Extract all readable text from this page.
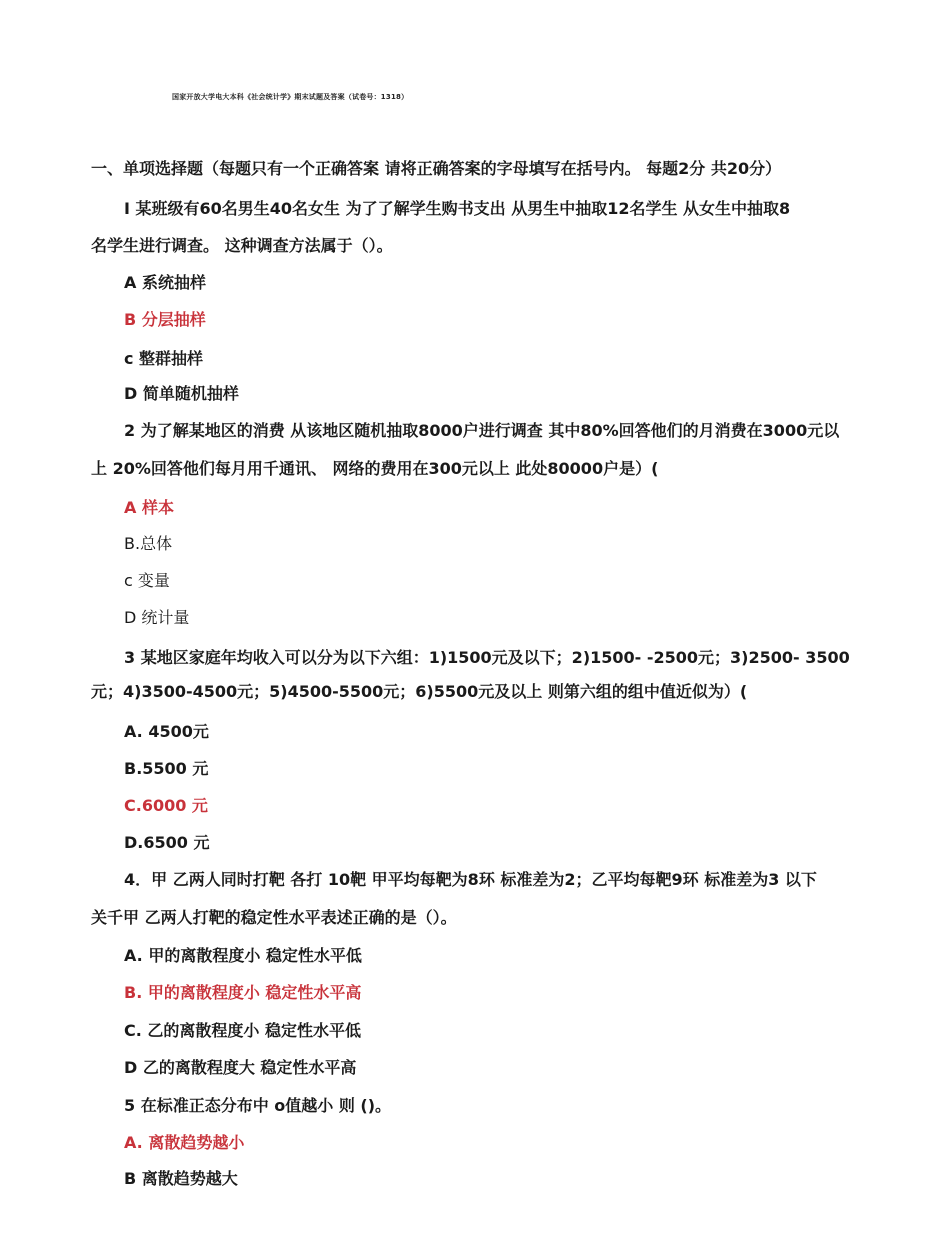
国家开放大学电大本科《社会统计学》期末试题及答案（试卷号：1318）
一、单项选择题（每题只有一个正确答案 请将正确答案的字母填写在括号内。 每题2分 共20分）
I 某班级有60名男生40名女生 为了了解学生购书支出 从男生中抽取12名学生 从女生中抽取8
名学生进行调查。 这种调查方法属于（）。
A 系统抽样
B 分层抽样
c 整群抽样
D 简单随机抽样
2 为了解某地区的消费 从该地区随机抽取8000户进行调查 其中80%回答他们的月消费在3000元以
上 20%回答他们每月用千通讯、 网络的费用在300元以上 此处80000户是）(
A 样本
B.总体
c 变量
D 统计量
3 某地区家庭年均收入可以分为以下六组：1)1500元及以下；2)1500- -2500元；3)2500- 3500
元；4)3500-4500元；5)4500-5500元；6)5500元及以上 则第六组的组中值近似为）(
A. 4500元
B.5500 元
C.6000 元
D.6500 元
4．甲 乙两人同时打靶 各打 10靶 甲平均每靶为8环 标准差为2；乙平均每靶9环 标准差为3 以下
关千甲 乙两人打靶的稳定性水平表述正确的是（）。
A. 甲的离散程度小 稳定性水平低
B. 甲的离散程度小 稳定性水平高
C. 乙的离散程度小 稳定性水平低
D 乙的离散程度大 稳定性水平高
5 在标准正态分布中 o值越小 则 ()。
A. 离散趋势越小
B 离散趋势越大
